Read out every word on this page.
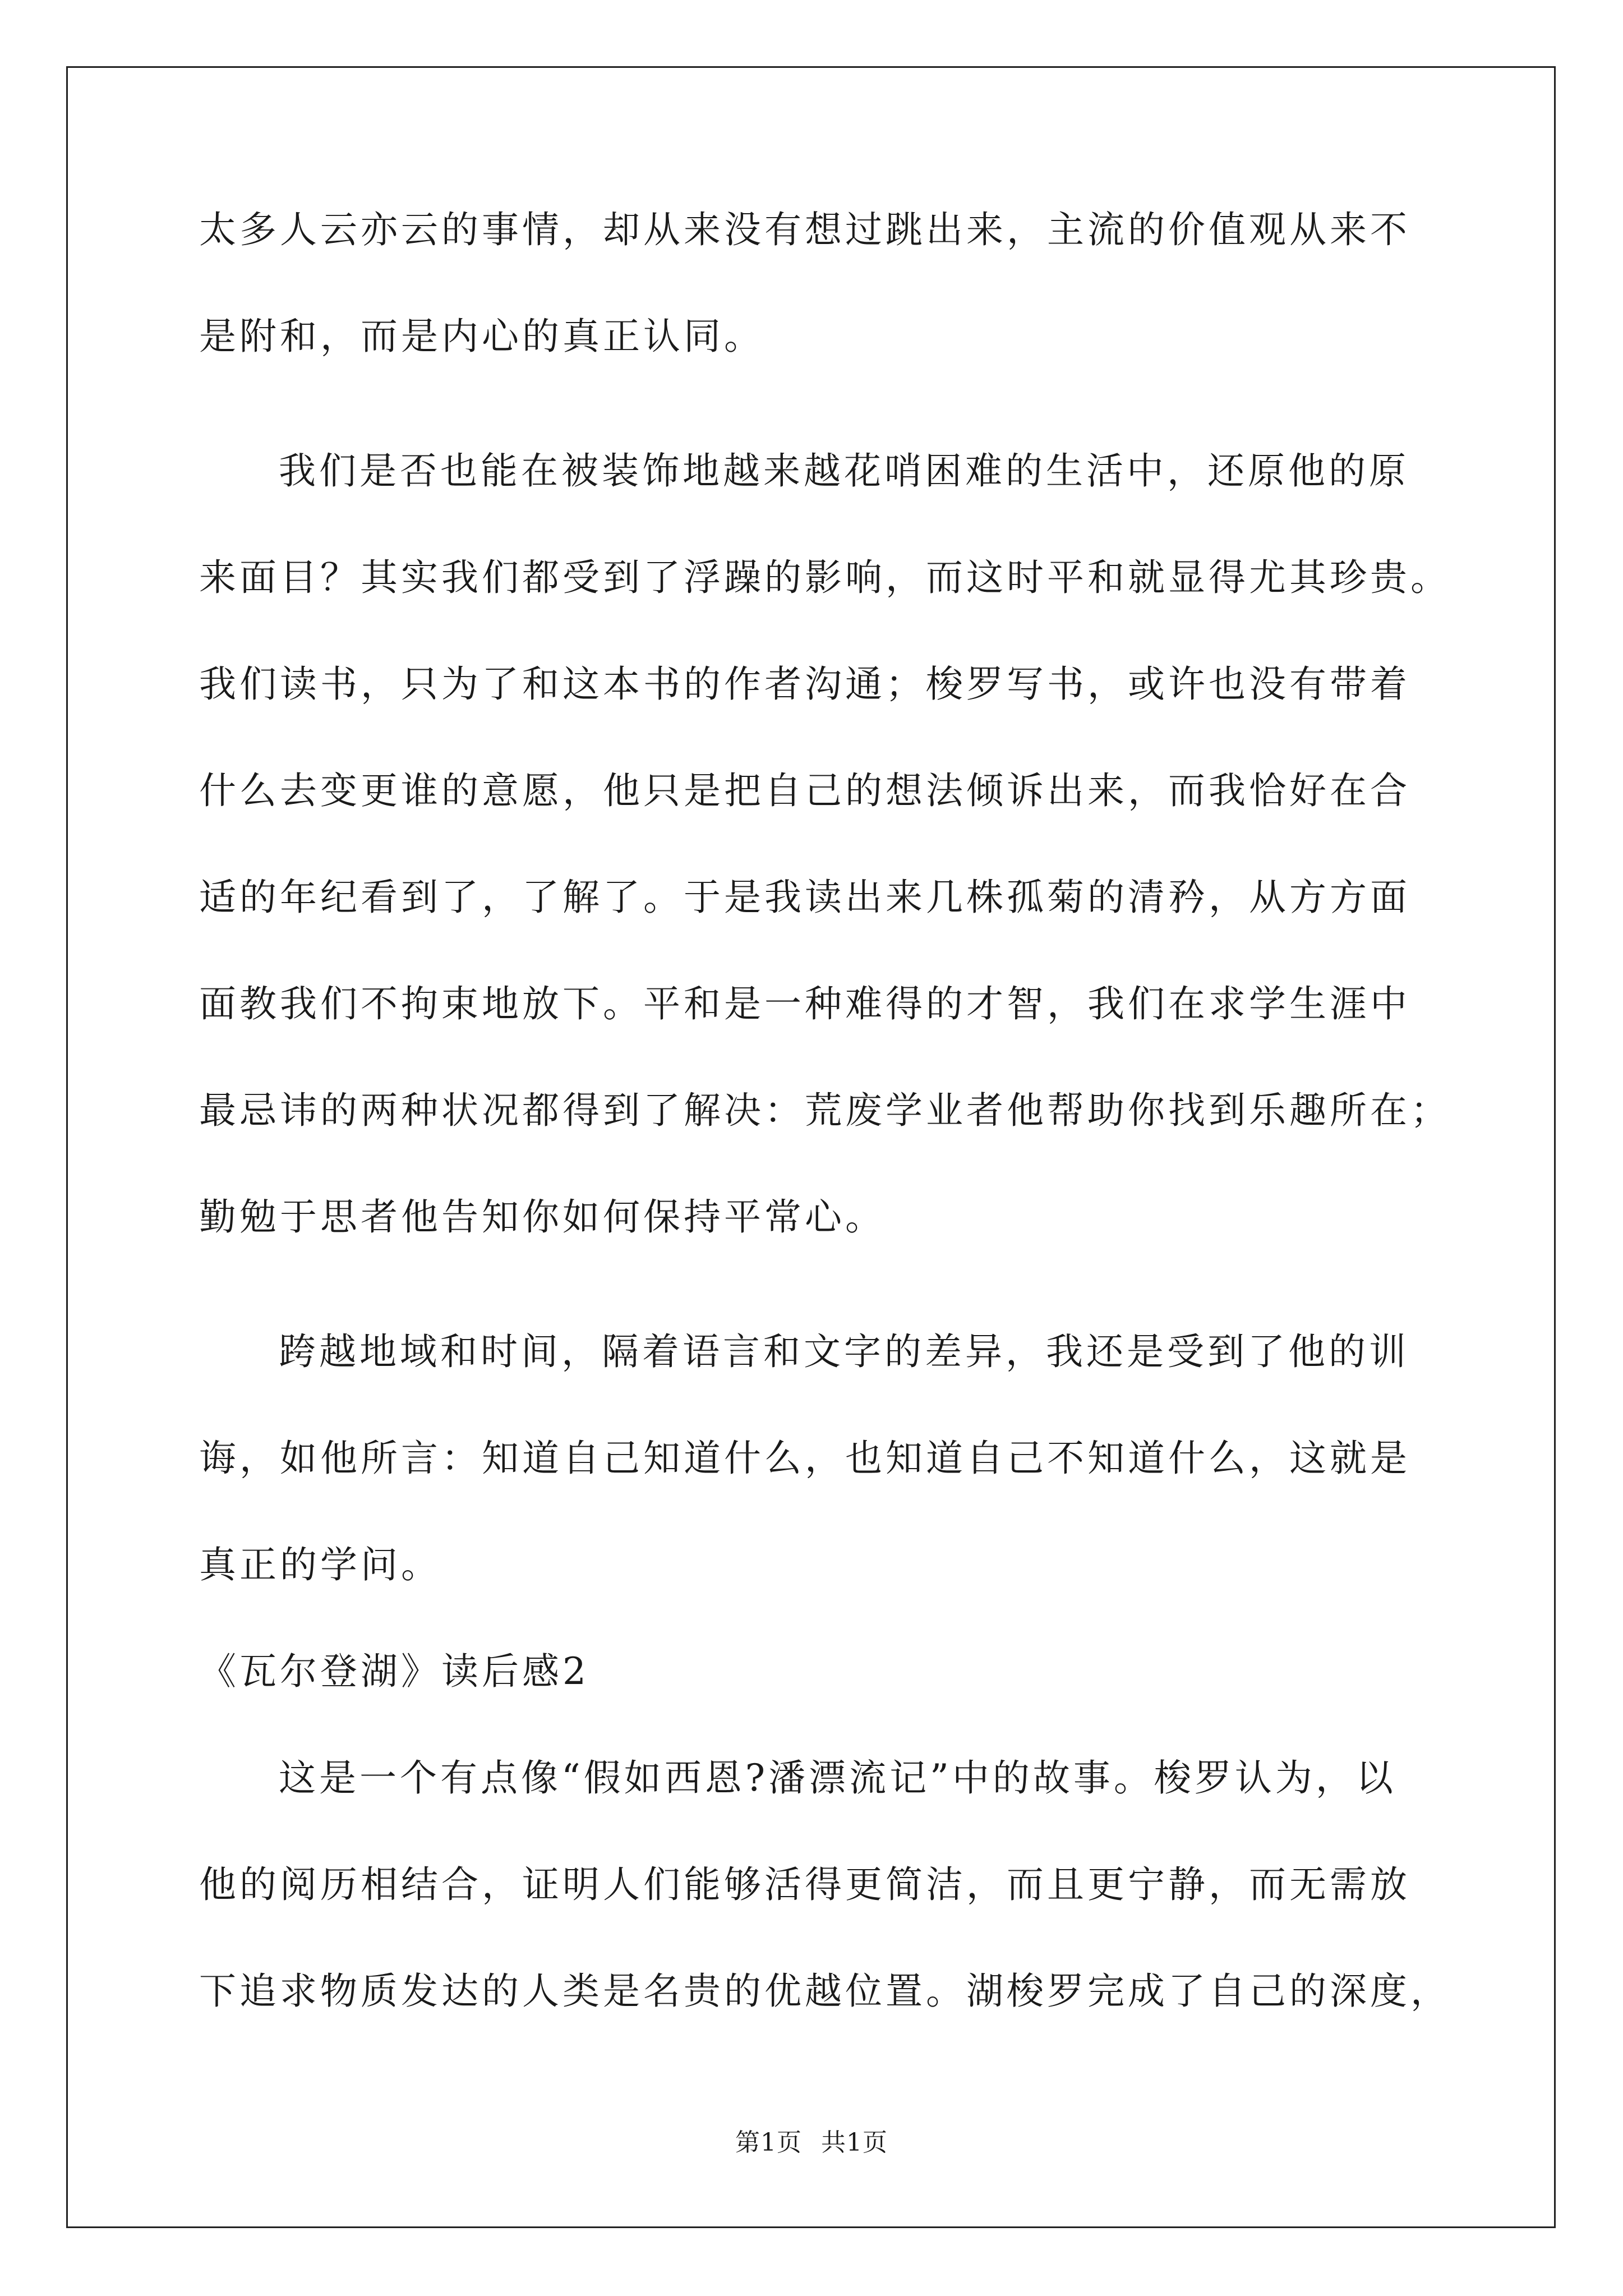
太多人云亦云的事情，却从来没有想过跳出来，主流的价值观从来不
是附和，而是内心的真正认同。
我们是否也能在被装饰地越来越花哨困难的生活中，还原他的原
来面目？其实我们都受到了浮躁的影响，而这时平和就显得尤其珍贵。
我们读书，只为了和这本书的作者沟通；梭罗写书，或许也没有带着
什么去变更谁的意愿，他只是把自己的想法倾诉出来，而我恰好在合
适的年纪看到了，了解了。于是我读出来几株孤菊的清矜，从方方面
面教我们不拘束地放下。平和是一种难得的才智，我们在求学生涯中
最忌讳的两种状况都得到了解决：荒废学业者他帮助你找到乐趣所在；
勤勉于思者他告知你如何保持平常心。
跨越地域和时间，隔着语言和文字的差异，我还是受到了他的训
诲，如他所言：知道自己知道什么，也知道自己不知道什么，这就是
真正的学问。
《瓦尔登湖》读后感2
这是一个有点像“假如西恩?潘漂流记”中的故事。梭罗认为，以
他的阅历相结合，证明人们能够活得更简洁，而且更宁静，而无需放
下追求物质发达的人类是名贵的优越位置。湖梭罗完成了自己的深度，
第1页 共1页
